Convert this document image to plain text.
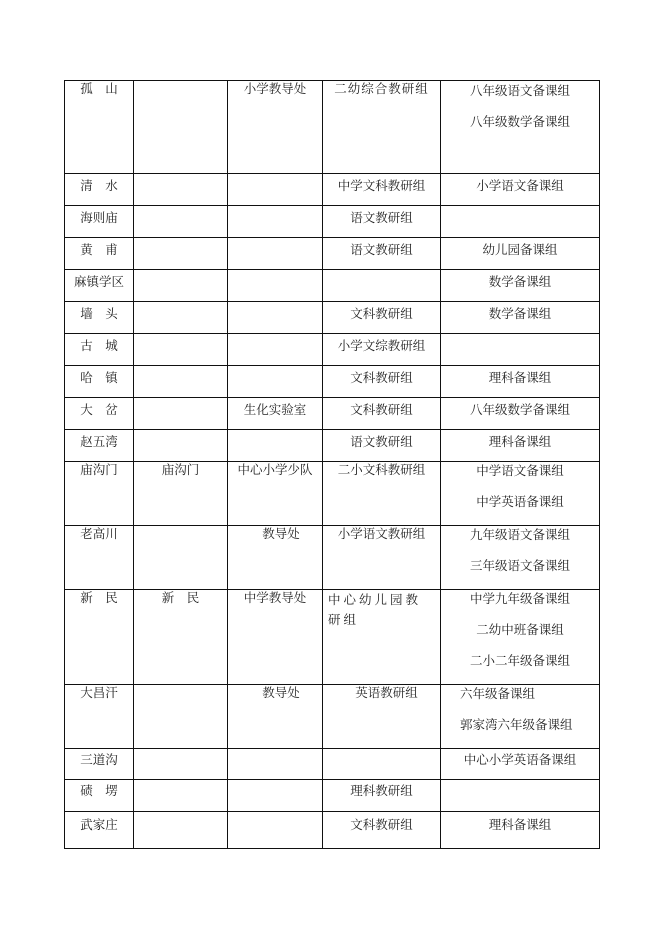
孤　山		小学教导处	二幼综合教研组	八年级语文备课组
八年级数学备课组

清　水			中学文科教研组	小学语文备课组
海则庙			语文教研组	
黄　甫			语文教研组	幼儿园备课组
麻镇学区				数学备课组
墙　头			文科教研组	数学备课组
古　城			小学文综教研组	
哈　镇			文科教研组	理科备课组
大　岔		生化实验室	文科教研组	八年级数学备课组
赵五湾			语文教研组	理科备课组
庙沟门	庙沟门	中心小学少队	二小文科教研组	中学语文备课组
中学英语备课组

老高川		教导处	小学语文教研组	九年级语文备课组
三年级语文备课组

新　民	新　民	中学教导处	中心幼儿园教研组	中学九年级备课组
二幼中班备课组
二小二年级备课组

大昌汗		教导处	英语教研组	六年级备课组
郭家湾六年级备课组

三道沟				中心小学英语备课组
碛　塄			理科教研组	
武家庄			文科教研组	理科备课组
